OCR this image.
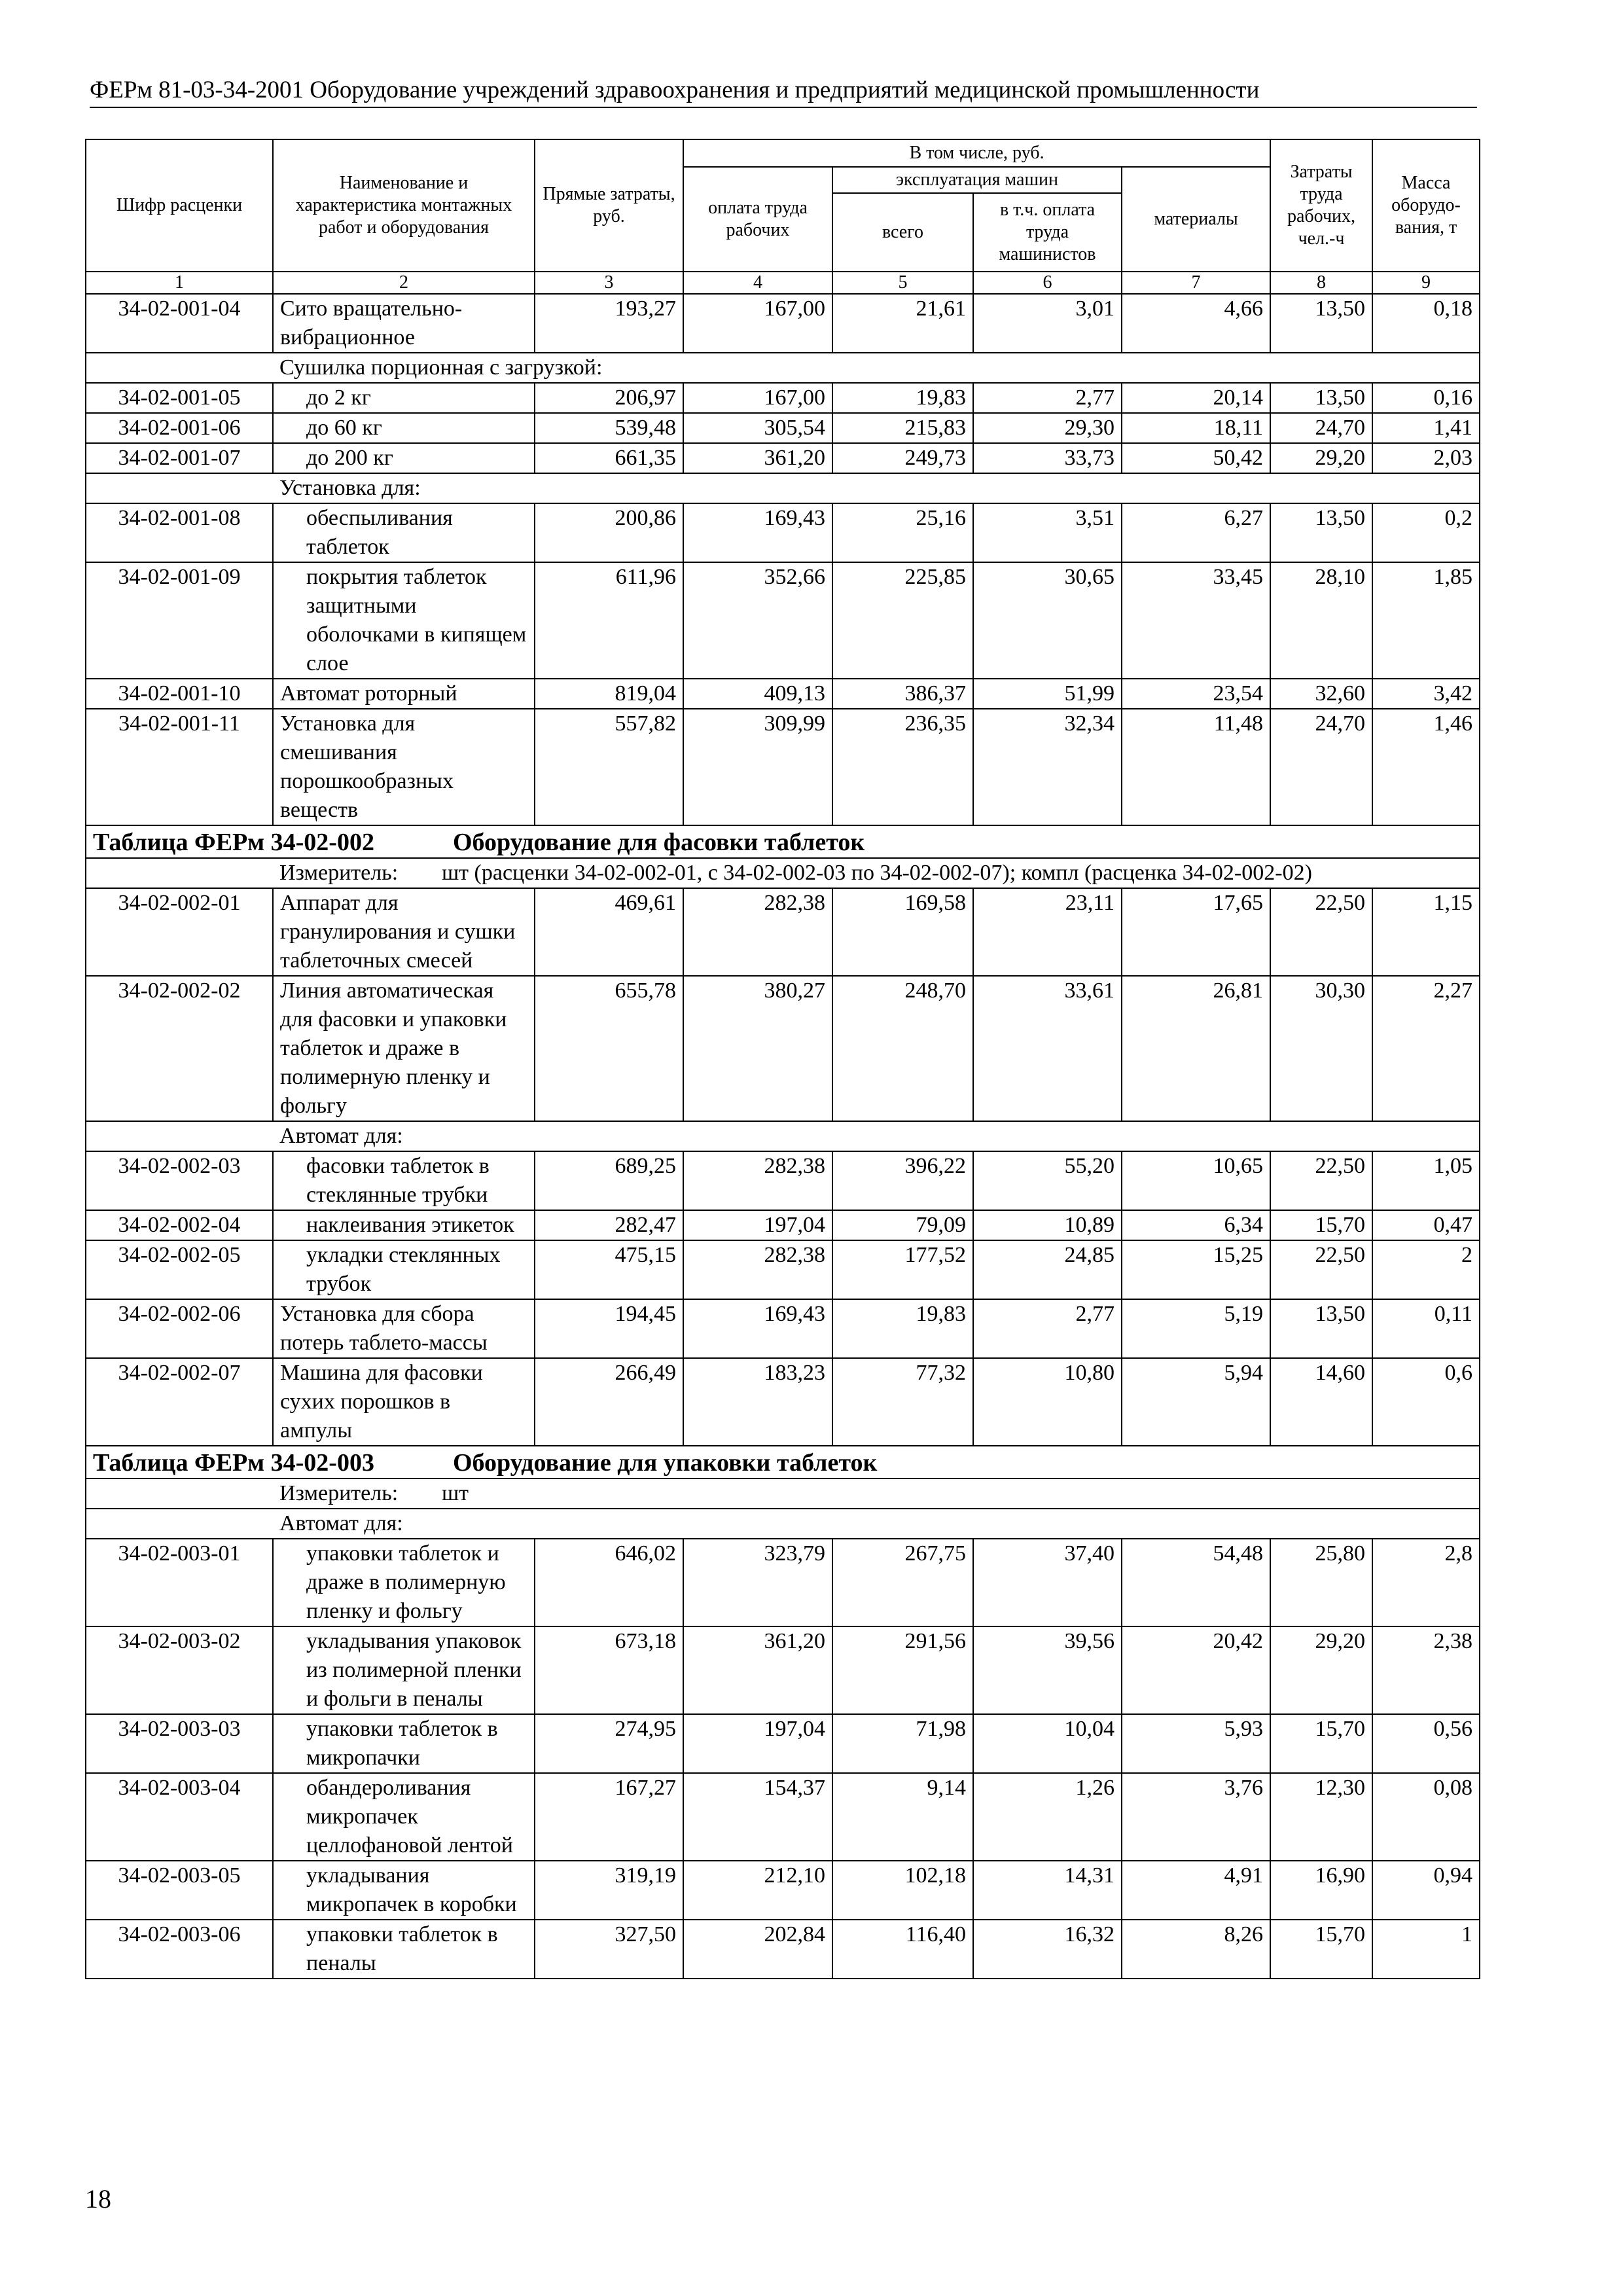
ФЕРм 81-03-34-2001 Оборудование учреждений здравоохранения и предприятий медицинской промышленности
Шифр расценки	Наименование и характеристика монтажных работ и оборудования	Прямые затраты, руб.	В том числе, руб.				Затраты труда рабочих, чел.-ч	Масса оборудо-вания, т
			оплата труда рабочих	эксплуатация машин		материалы		
				всего	в т.ч. оплата труда машинистов			
1	2	3	4	5	6	7	8	9
34-02-001-04	Сито вращательно-вибрационное	193,27	167,00	21,61	3,01	4,66	13,50	0,18
	Сушилка порционная с загрузкой:							
34-02-001-05	до 2 кг	206,97	167,00	19,83	2,77	20,14	13,50	0,16
34-02-001-06	до 60 кг	539,48	305,54	215,83	29,30	18,11	24,70	1,41
34-02-001-07	до 200 кг	661,35	361,20	249,73	33,73	50,42	29,20	2,03
	Установка для:							
34-02-001-08	обеспыливания таблеток	200,86	169,43	25,16	3,51	6,27	13,50	0,2
34-02-001-09	покрытия таблеток защитными оболочками в кипящем слое	611,96	352,66	225,85	30,65	33,45	28,10	1,85
34-02-001-10	Автомат роторный	819,04	409,13	386,37	51,99	23,54	32,60	3,42
34-02-001-11	Установка для смешивания порошкообразных веществ	557,82	309,99	236,35	32,34	11,48	24,70	1,46
Таблица ФЕРм 34-02-002 Оборудование для фасовки таблеток								
	Измеритель: шт (расценки 34-02-002-01, с 34-02-002-03 по 34-02-002-07); компл (расценка 34-02-002-02)							
34-02-002-01	Аппарат для гранулирования и сушки таблеточных смесей	469,61	282,38	169,58	23,11	17,65	22,50	1,15
34-02-002-02	Линия автоматическая для фасовки и упаковки таблеток и драже в полимерную пленку и фольгу	655,78	380,27	248,70	33,61	26,81	30,30	2,27
	Автомат для:							
34-02-002-03	фасовки таблеток в стеклянные трубки	689,25	282,38	396,22	55,20	10,65	22,50	1,05
34-02-002-04	наклеивания этикеток	282,47	197,04	79,09	10,89	6,34	15,70	0,47
34-02-002-05	укладки стеклянных трубок	475,15	282,38	177,52	24,85	15,25	22,50	2
34-02-002-06	Установка для сбора потерь таблето-массы	194,45	169,43	19,83	2,77	5,19	13,50	0,11
34-02-002-07	Машина для фасовки сухих порошков в ампулы	266,49	183,23	77,32	10,80	5,94	14,60	0,6
Таблица ФЕРм 34-02-003 Оборудование для упаковки таблеток								
	Измеритель: шт							
	Автомат для:							
34-02-003-01	упаковки таблеток и драже в полимерную пленку и фольгу	646,02	323,79	267,75	37,40	54,48	25,80	2,8
34-02-003-02	укладывания упаковок из полимерной пленки и фольги в пеналы	673,18	361,20	291,56	39,56	20,42	29,20	2,38
34-02-003-03	упаковки таблеток в микропачки	274,95	197,04	71,98	10,04	5,93	15,70	0,56
34-02-003-04	обандероливания микропачек целлофановой лентой	167,27	154,37	9,14	1,26	3,76	12,30	0,08
34-02-003-05	укладывания микропачек в коробки	319,19	212,10	102,18	14,31	4,91	16,90	0,94
34-02-003-06	упаковки таблеток в пеналы	327,50	202,84	116,40	16,32	8,26	15,70	1
18
